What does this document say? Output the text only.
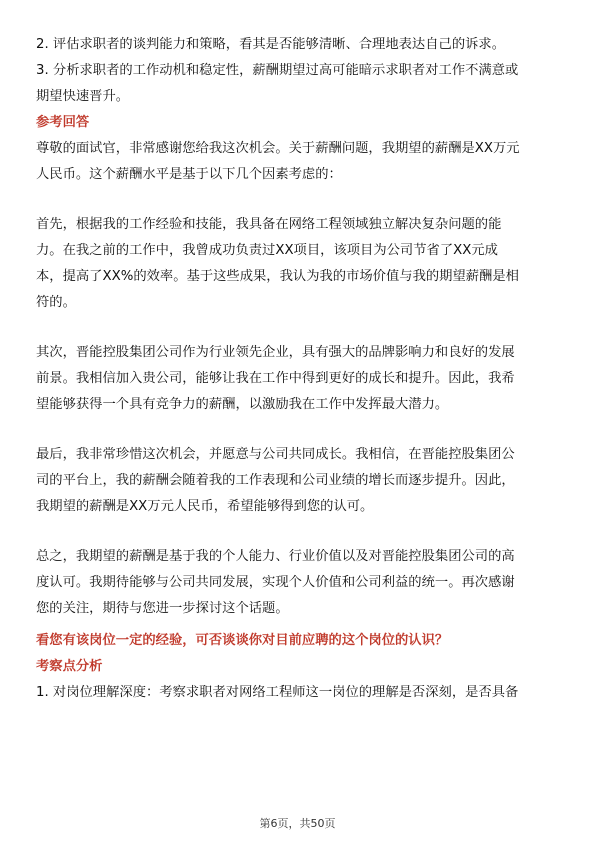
2. 评估求职者的谈判能力和策略，看其是否能够清晰、合理地表达自己的诉求。
3. 分析求职者的工作动机和稳定性，薪酬期望过高可能暗示求职者对工作不满意或
期望快速晋升。
参考回答
尊敬的面试官，非常感谢您给我这次机会。关于薪酬问题，我期望的薪酬是XX万元
人民币。这个薪酬水平是基于以下几个因素考虑的：
首先，根据我的工作经验和技能，我具备在网络工程领域独立解决复杂问题的能
力。在我之前的工作中，我曾成功负责过XX项目，该项目为公司节省了XX元成
本，提高了XX%的效率。基于这些成果，我认为我的市场价值与我的期望薪酬是相
符的。
其次，晋能控股集团公司作为行业领先企业，具有强大的品牌影响力和良好的发展
前景。我相信加入贵公司，能够让我在工作中得到更好的成长和提升。因此，我希
望能够获得一个具有竞争力的薪酬，以激励我在工作中发挥最大潜力。
最后，我非常珍惜这次机会，并愿意与公司共同成长。我相信，在晋能控股集团公
司的平台上，我的薪酬会随着我的工作表现和公司业绩的增长而逐步提升。因此，
我期望的薪酬是XX万元人民币，希望能够得到您的认可。
总之，我期望的薪酬是基于我的个人能力、行业价值以及对晋能控股集团公司的高
度认可。我期待能够与公司共同发展，实现个人价值和公司利益的统一。再次感谢
您的关注，期待与您进一步探讨这个话题。
看您有该岗位一定的经验，可否谈谈你对目前应聘的这个岗位的认识？
考察点分析
1. 对岗位理解深度：考察求职者对网络工程师这一岗位的理解是否深刻，是否具备
第6页，共50页
